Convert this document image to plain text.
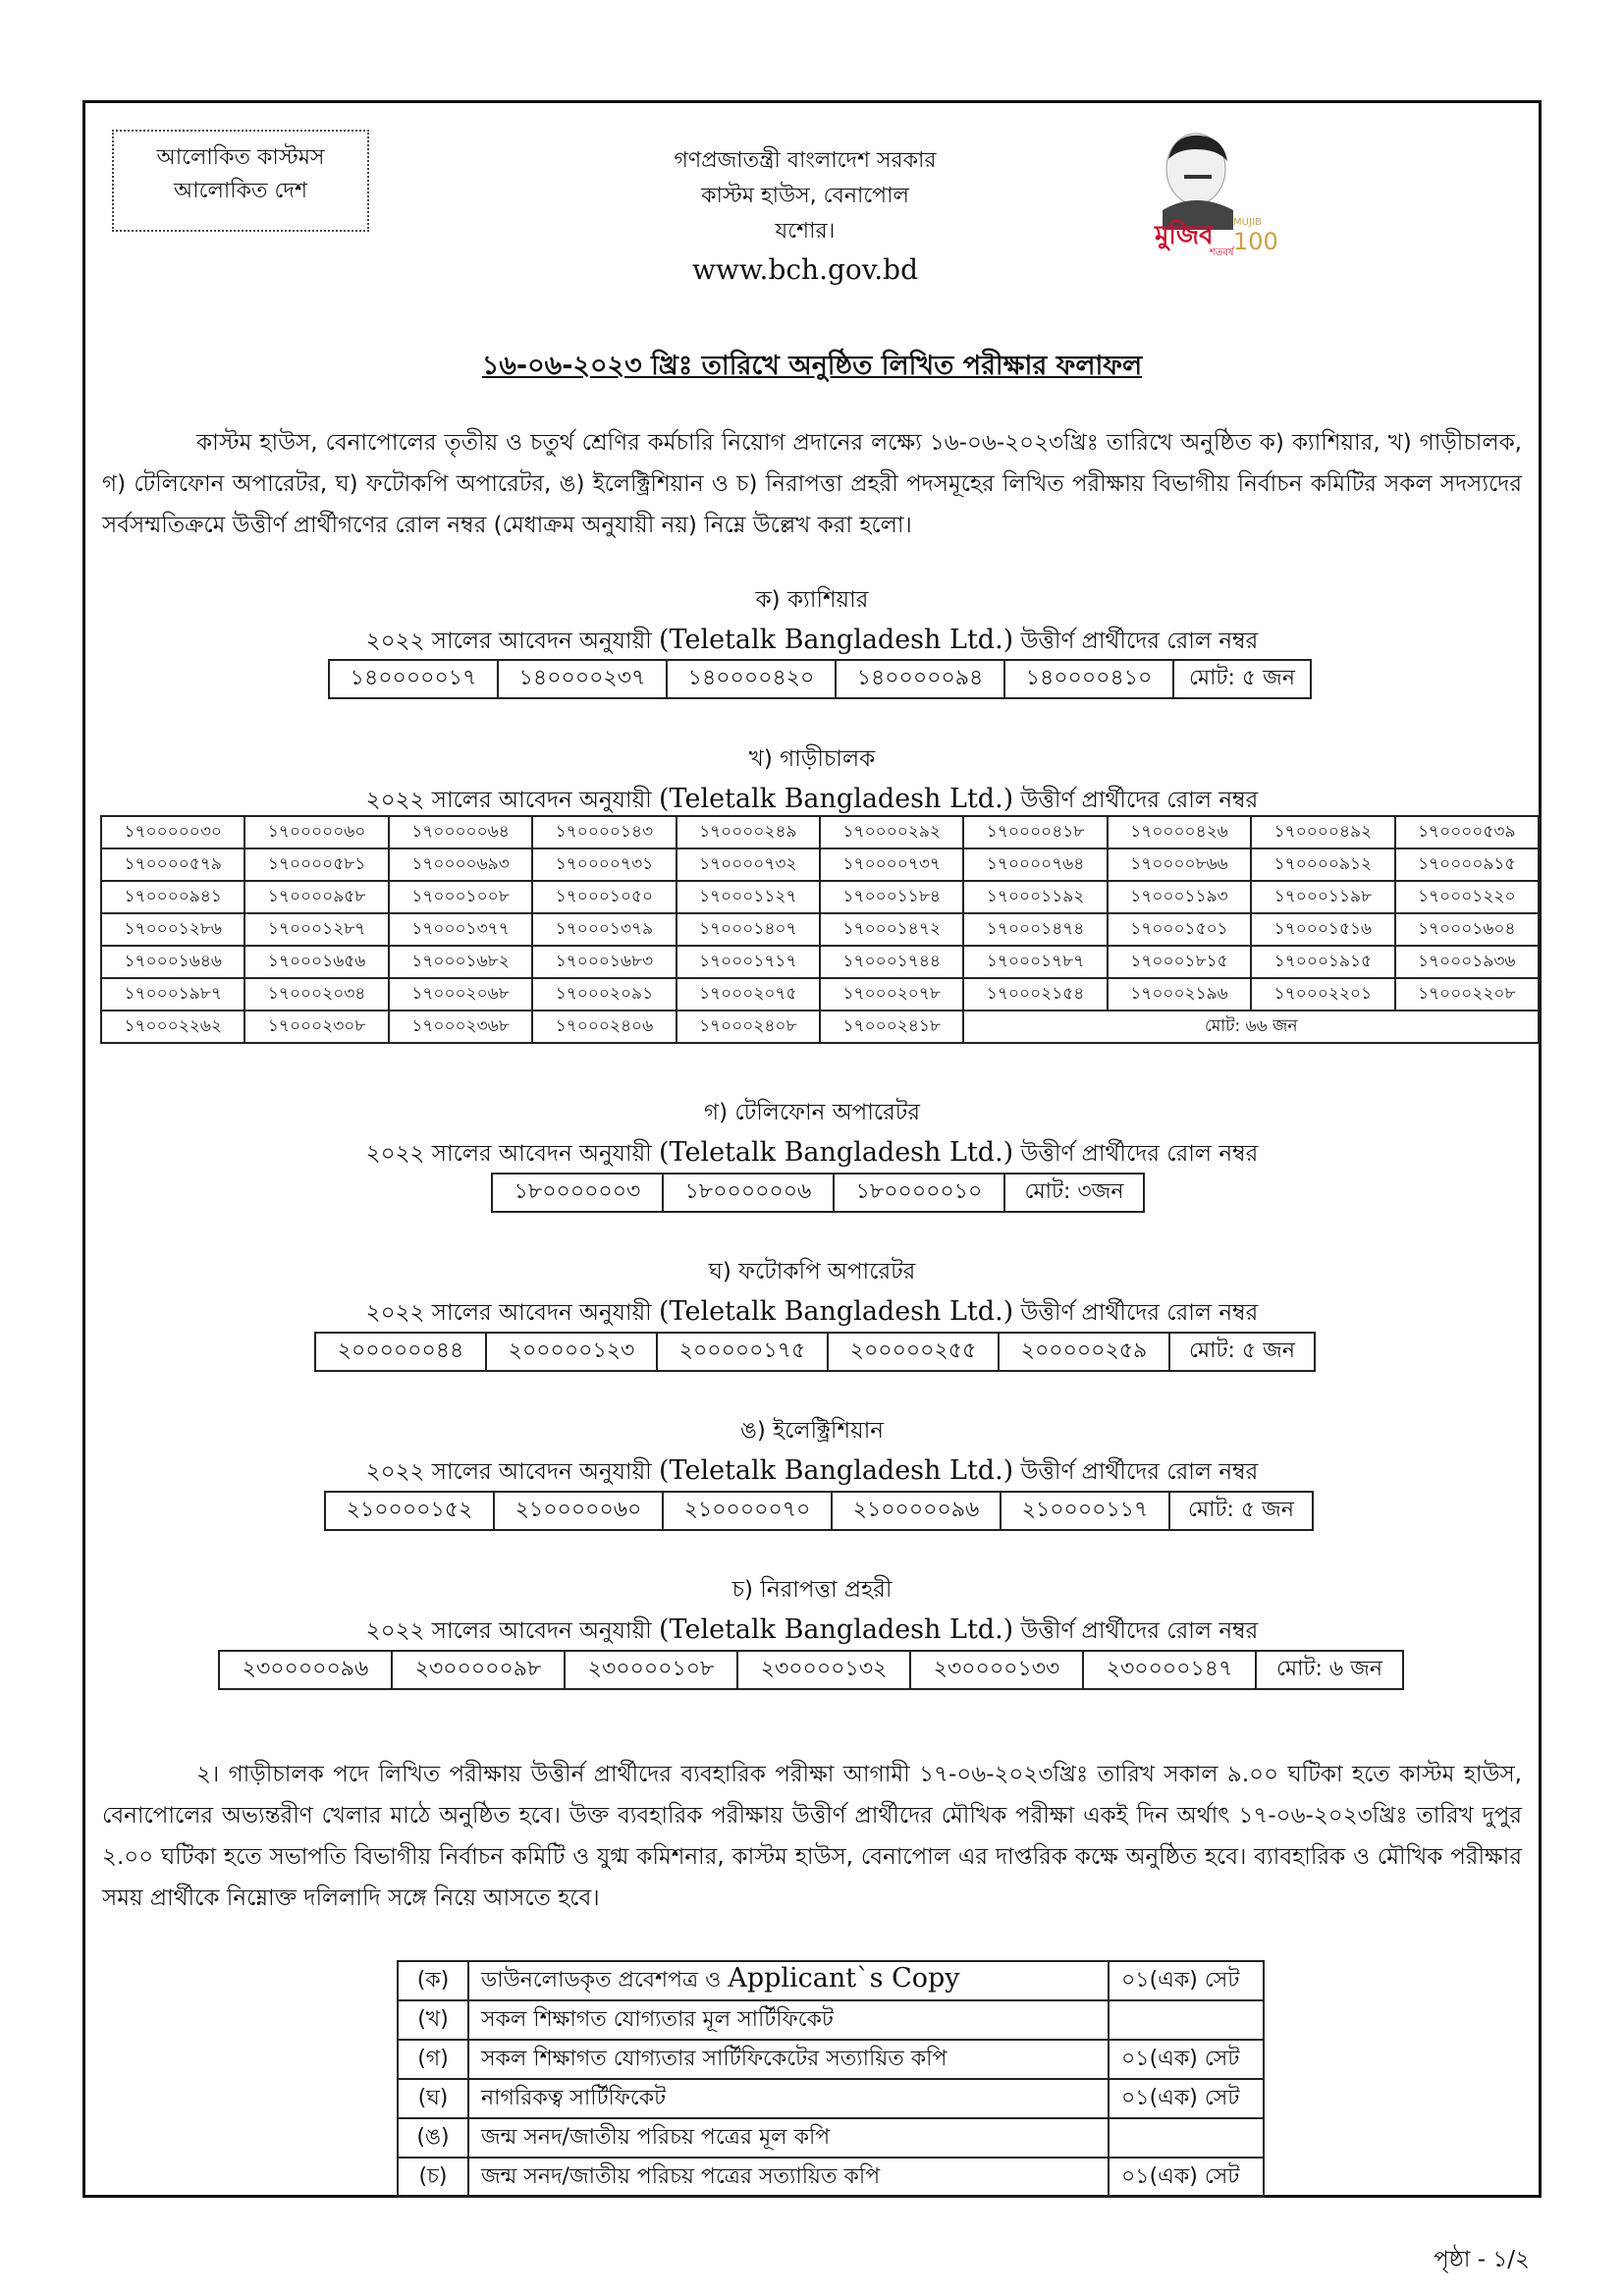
আলোকিত কাস্টমস
আলোকিত দেশ
গণপ্রজাতন্ত্রী বাংলাদেশ সরকার
কাস্টম হাউস, বেনাপোল
যশোর।
www.bch.gov.bd
মুজিব MUJIB
100
শতবর্ষ
১৬-০৬-২০২৩ খ্রিঃ তারিখে অনুষ্ঠিত লিখিত পরীক্ষার ফলাফল
কাস্টম হাউস, বেনাপোলের তৃতীয় ও চতুর্থ শ্রেণির কর্মচারি নিয়োগ প্রদানের লক্ষ্যে ১৬-০৬-২০২৩খ্রিঃ তারিখে অনুষ্ঠিত ক) ক্যাশিয়ার, খ) গাড়ীচালক, গ) টেলিফোন অপারেটর, ঘ) ফটোকপি অপারেটর, ঙ) ইলেক্ট্রিশিয়ান ও চ) নিরাপত্তা প্রহরী পদসমূহের লিখিত পরীক্ষায় বিভাগীয় নির্বাচন কমিটির সকল সদস্যদের সর্বসম্মতিক্রমে উত্তীর্ণ প্রার্থীগণের রোল নম্বর (মেধাক্রম অনুযায়ী নয়) নিম্নে উল্লেখ করা হলো।
ক) ক্যাশিয়ার
২০২২ সালের আবেদন অনুযায়ী (Teletalk Bangladesh Ltd.) উত্তীর্ণ প্রার্থীদের রোল নম্বর
১৪০০০০০১৭	১৪০০০০২৩৭	১৪০০০০৪২০	১৪০০০০০৯৪	১৪০০০০৪১০	মোট: ৫ জন
খ) গাড়ীচালক
২০২২ সালের আবেদন অনুযায়ী (Teletalk Bangladesh Ltd.) উত্তীর্ণ প্রার্থীদের রোল নম্বর
১৭০০০০০৩০	১৭০০০০০৬০	১৭০০০০০৬৪	১৭০০০০১৪৩	১৭০০০০২৪৯	১৭০০০০২৯২	১৭০০০০৪১৮	১৭০০০০৪২৬	১৭০০০০৪৯২	১৭০০০০৫৩৯
১৭০০০০৫৭৯	১৭০০০০৫৮১	১৭০০০০৬৯৩	১৭০০০০৭৩১	১৭০০০০৭৩২	১৭০০০০৭৩৭	১৭০০০০৭৬৪	১৭০০০০৮৬৬	১৭০০০০৯১২	১৭০০০০৯১৫
১৭০০০০৯৪১	১৭০০০০৯৫৮	১৭০০০১০০৮	১৭০০০১০৫০	১৭০০০১১২৭	১৭০০০১১৮৪	১৭০০০১১৯২	১৭০০০১১৯৩	১৭০০০১১৯৮	১৭০০০১২২০
১৭০০০১২৮৬	১৭০০০১২৮৭	১৭০০০১৩৭৭	১৭০০০১৩৭৯	১৭০০০১৪০৭	১৭০০০১৪৭২	১৭০০০১৪৭৪	১৭০০০১৫০১	১৭০০০১৫১৬	১৭০০০১৬০৪
১৭০০০১৬৪৬	১৭০০০১৬৫৬	১৭০০০১৬৮২	১৭০০০১৬৮৩	১৭০০০১৭১৭	১৭০০০১৭৪৪	১৭০০০১৭৮৭	১৭০০০১৮১৫	১৭০০০১৯১৫	১৭০০০১৯৩৬
১৭০০০১৯৮৭	১৭০০০২০৩৪	১৭০০০২০৬৮	১৭০০০২০৯১	১৭০০০২০৭৫	১৭০০০২০৭৮	১৭০০০২১৫৪	১৭০০০২১৯৬	১৭০০০২২০১	১৭০০০২২০৮
১৭০০০২২৬২	১৭০০০২৩০৮	১৭০০০২৩৬৮	১৭০০০২৪০৬	১৭০০০২৪০৮	১৭০০০২৪১৮	মোট: ৬৬ জন			
গ) টেলিফোন অপারেটর
২০২২ সালের আবেদন অনুযায়ী (Teletalk Bangladesh Ltd.) উত্তীর্ণ প্রার্থীদের রোল নম্বর
১৮০০০০০০৩	১৮০০০০০০৬	১৮০০০০০১০	মোট: ৩জন
ঘ) ফটোকপি অপারেটর
২০২২ সালের আবেদন অনুযায়ী (Teletalk Bangladesh Ltd.) উত্তীর্ণ প্রার্থীদের রোল নম্বর
২০০০০০০৪৪	২০০০০০১২৩	২০০০০০১৭৫	২০০০০০২৫৫	২০০০০০২৫৯	মোট: ৫ জন
ঙ) ইলেক্ট্রিশিয়ান
২০২২ সালের আবেদন অনুযায়ী (Teletalk Bangladesh Ltd.) উত্তীর্ণ প্রার্থীদের রোল নম্বর
২১০০০০১৫২	২১০০০০০৬০	২১০০০০০৭০	২১০০০০০৯৬	২১০০০০১১৭	মোট: ৫ জন
চ) নিরাপত্তা প্রহরী
২০২২ সালের আবেদন অনুযায়ী (Teletalk Bangladesh Ltd.) উত্তীর্ণ প্রার্থীদের রোল নম্বর
২৩০০০০০৯৬	২৩০০০০০৯৮	২৩০০০০১০৮	২৩০০০০১৩২	২৩০০০০১৩৩	২৩০০০০১৪৭	মোট: ৬ জন
২। গাড়ীচালক পদে লিখিত পরীক্ষায় উত্তীর্ন প্রার্থীদের ব্যবহারিক পরীক্ষা আগামী ১৭-০৬-২০২৩খ্রিঃ তারিখ সকাল ৯.০০ ঘটিকা হতে কাস্টম হাউস, বেনাপোলের অভ্যন্তরীণ খেলার মাঠে অনুষ্ঠিত হবে। উক্ত ব্যবহারিক পরীক্ষায় উত্তীর্ণ প্রার্থীদের মৌখিক পরীক্ষা একই দিন অর্থাৎ ১৭-০৬-২০২৩খ্রিঃ তারিখ দুপুর ২.০০ ঘটিকা হতে সভাপতি বিভাগীয় নির্বাচন কমিটি ও যুগ্ম কমিশনার, কাস্টম হাউস, বেনাপোল এর দাপ্তরিক কক্ষে অনুষ্ঠিত হবে। ব্যাবহারিক ও মৌখিক পরীক্ষার সময় প্রার্থীকে নিম্নোক্ত দলিলাদি সঙ্গে নিয়ে আসতে হবে।
(ক)	ডাউনলোডকৃত প্রবেশপত্র ও Applicant`s Copy	০১(এক) সেট
(খ)	সকল শিক্ষাগত যোগ্যতার মূল সার্টিফিকেট	
(গ)	সকল শিক্ষাগত যোগ্যতার সার্টিফিকেটের সত্যায়িত কপি	০১(এক) সেট
(ঘ)	নাগরিকত্ব সার্টিফিকেট	০১(এক) সেট
(ঙ)	জন্ম সনদ/জাতীয় পরিচয় পত্রের মূল কপি	
(চ)	জন্ম সনদ/জাতীয় পরিচয় পত্রের সত্যায়িত কপি	০১(এক) সেট
পৃষ্ঠা - ১/২
